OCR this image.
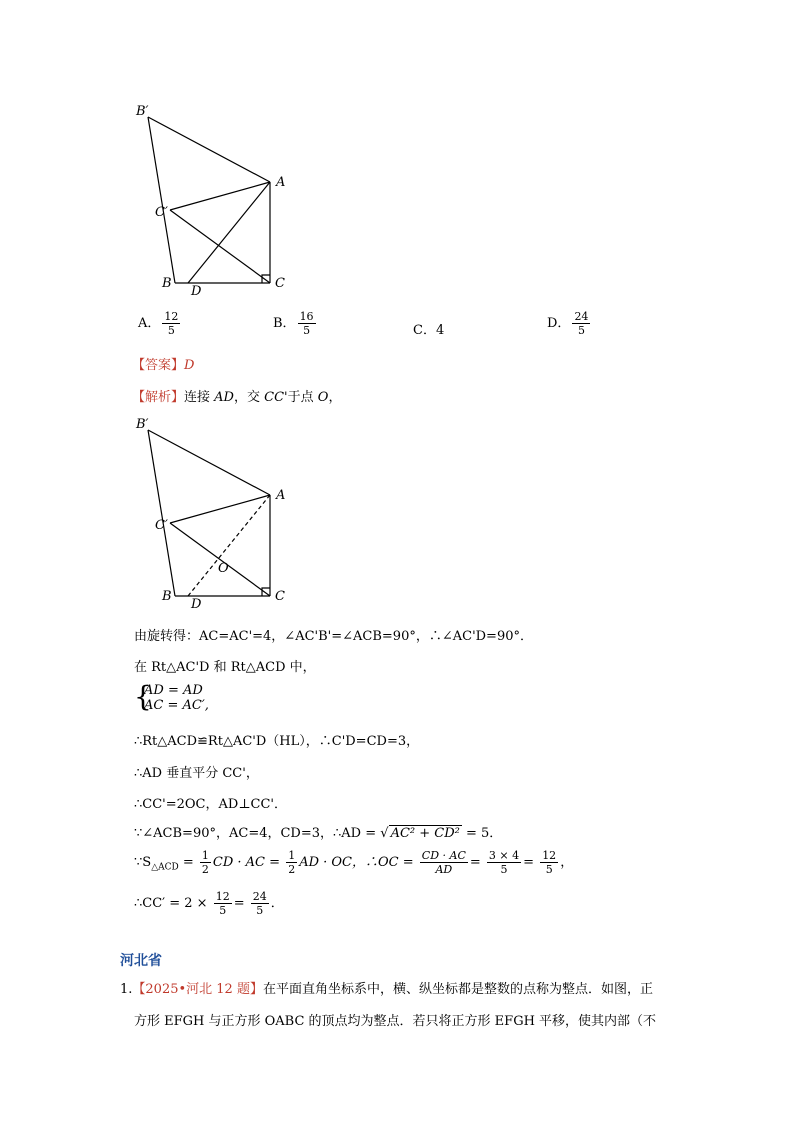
B′
A
C′
B
D
C
A． $\frac{12}{5}$	B． $\frac{16}{5}$	C．4	D． $\frac{24}{5}$
【答案】D
【解析】连接 AD，交 CC'于点 O，
B′
A
C′
B
D
C
O
由旋转得：AC=AC'=4，∠AC'B'=∠ACB=90°，∴∠AC'D=90°．
在 Rt△AC'D 和 Rt△ACD 中，
{
AD = AD
AC = AC′,
∴Rt△ACD≌Rt△AC'D（HL），∴C'D=CD=3，
∴AD 垂直平分 CC'，
∴CC'=2OC，AD⊥CC'．
∵∠ACB=90°，AC=4，CD=3，∴AD = √ AC² + CD² = 5．
$\because S_{\triangle ACD} = \frac{1}{2}$ CD · AC = $\frac{1}{2}$ AD · OC，∴OC = $\frac{CD \cdot AC}{AD} = \frac{3 \times 4}{5} = \frac{12}{5}$ ，
∴CC′ = $2 \times \frac{12}{5} = \frac{24}{5}$ ．
河北省
1.【2025•河北 12 题】在平面直角坐标系中，横、纵坐标都是整数的点称为整点．如图，正
方形 EFGH 与正方形 OABC 的顶点均为整点．若只将正方形 EFGH 平移，使其内部（不
